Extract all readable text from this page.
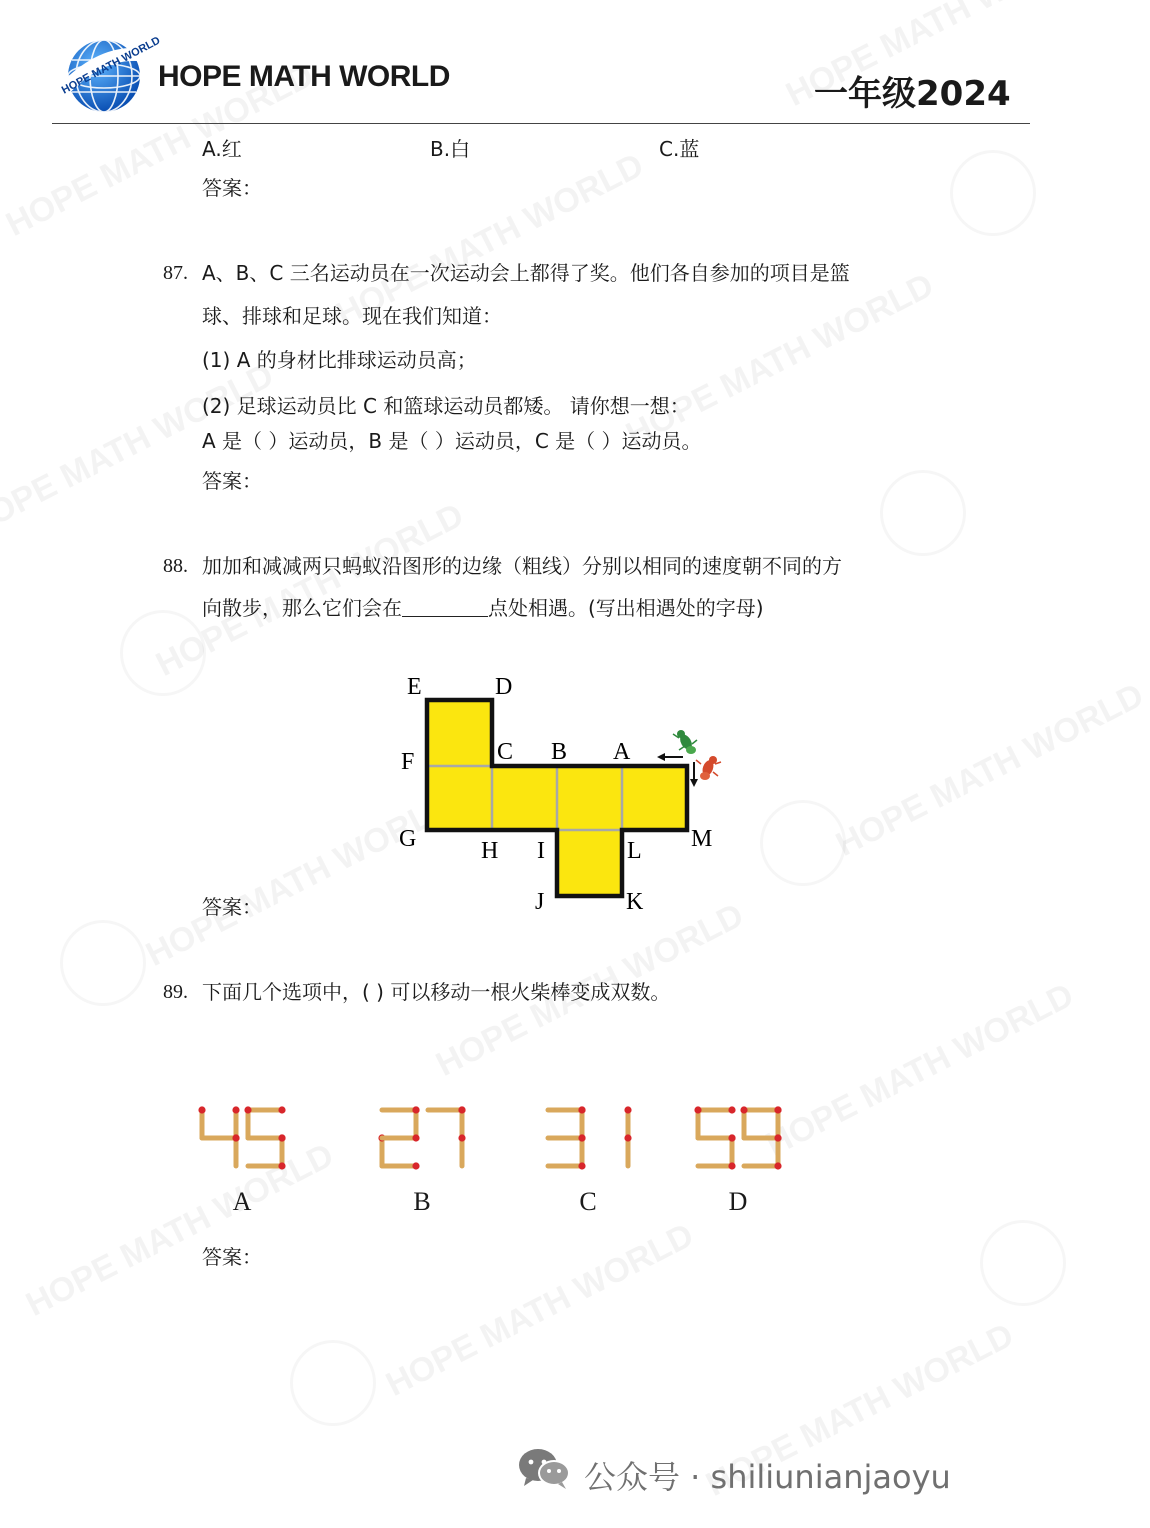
HOPE MATH WORLD
HOPE MATH WORLD	一年级2024
A.红	B.白	C.蓝
答案：
87. A、B、C 三名运动员在一次运动会上都得了奖。他们各自参加的项目是篮
球、排球和足球。现在我们知道：
(1) A 的身材比排球运动员高；
(2) 足球运动员比 C 和篮球运动员都矮。 请你想一想：
A 是（ ）运动员，B 是（ ）运动员，C 是（ ）运动员。
答案：
88. 加加和减减两只蚂蚁沿图形的边缘（粗线）分别以相同的速度朝不同的方
向散步，那么它们会在	点处相遇。(写出相遇处的字母)
E	D
F	C B A
G	H I	L M
J	K
答案：
89. 下面几个选项中，( ) 可以移动一根火柴棒变成双数。
A	B	C	D
答案：
公众号 · shiliunianjaoyu
